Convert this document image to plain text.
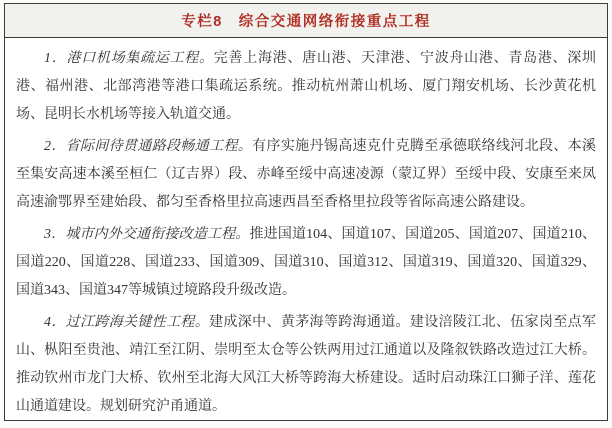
专栏8　综合交通网络衔接重点工程

1．港口机场集疏运工程。完善上海港、唐山港、天津港、宁波舟山港、青岛港、深圳港、福州港、北部湾港等港口集疏运系统。推动杭州萧山机场、厦门翔安机场、长沙黄花机场、昆明长水机场等接入轨道交通。

2．省际间待贯通路段畅通工程。有序实施丹锡高速克什克腾至承德联络线河北段、本溪至集安高速本溪至桓仁（辽吉界）段、赤峰至绥中高速凌源（蒙辽界）至绥中段、安康至来凤高速渝鄂界至建始段、都匀至香格里拉高速西昌至香格里拉段等省际高速公路建设。

3．城市内外交通衔接改造工程。推进国道104、国道107、国道205、国道207、国道210、国道220、国道228、国道233、国道309、国道310、国道312、国道319、国道320、国道329、国道343、国道347等城镇过境路段升级改造。

4．过江跨海关键性工程。建成深中、黄茅海等跨海通道。建设涪陵江北、伍家岗至点军山、枞阳至贵池、靖江至江阴、崇明至太仓等公铁两用过江通道以及隆叙铁路改造过江大桥。推动钦州市龙门大桥、钦州至北海大风江大桥等跨海大桥建设。适时启动珠江口狮子洋、莲花山通道建设。规划研究沪甬通道。
